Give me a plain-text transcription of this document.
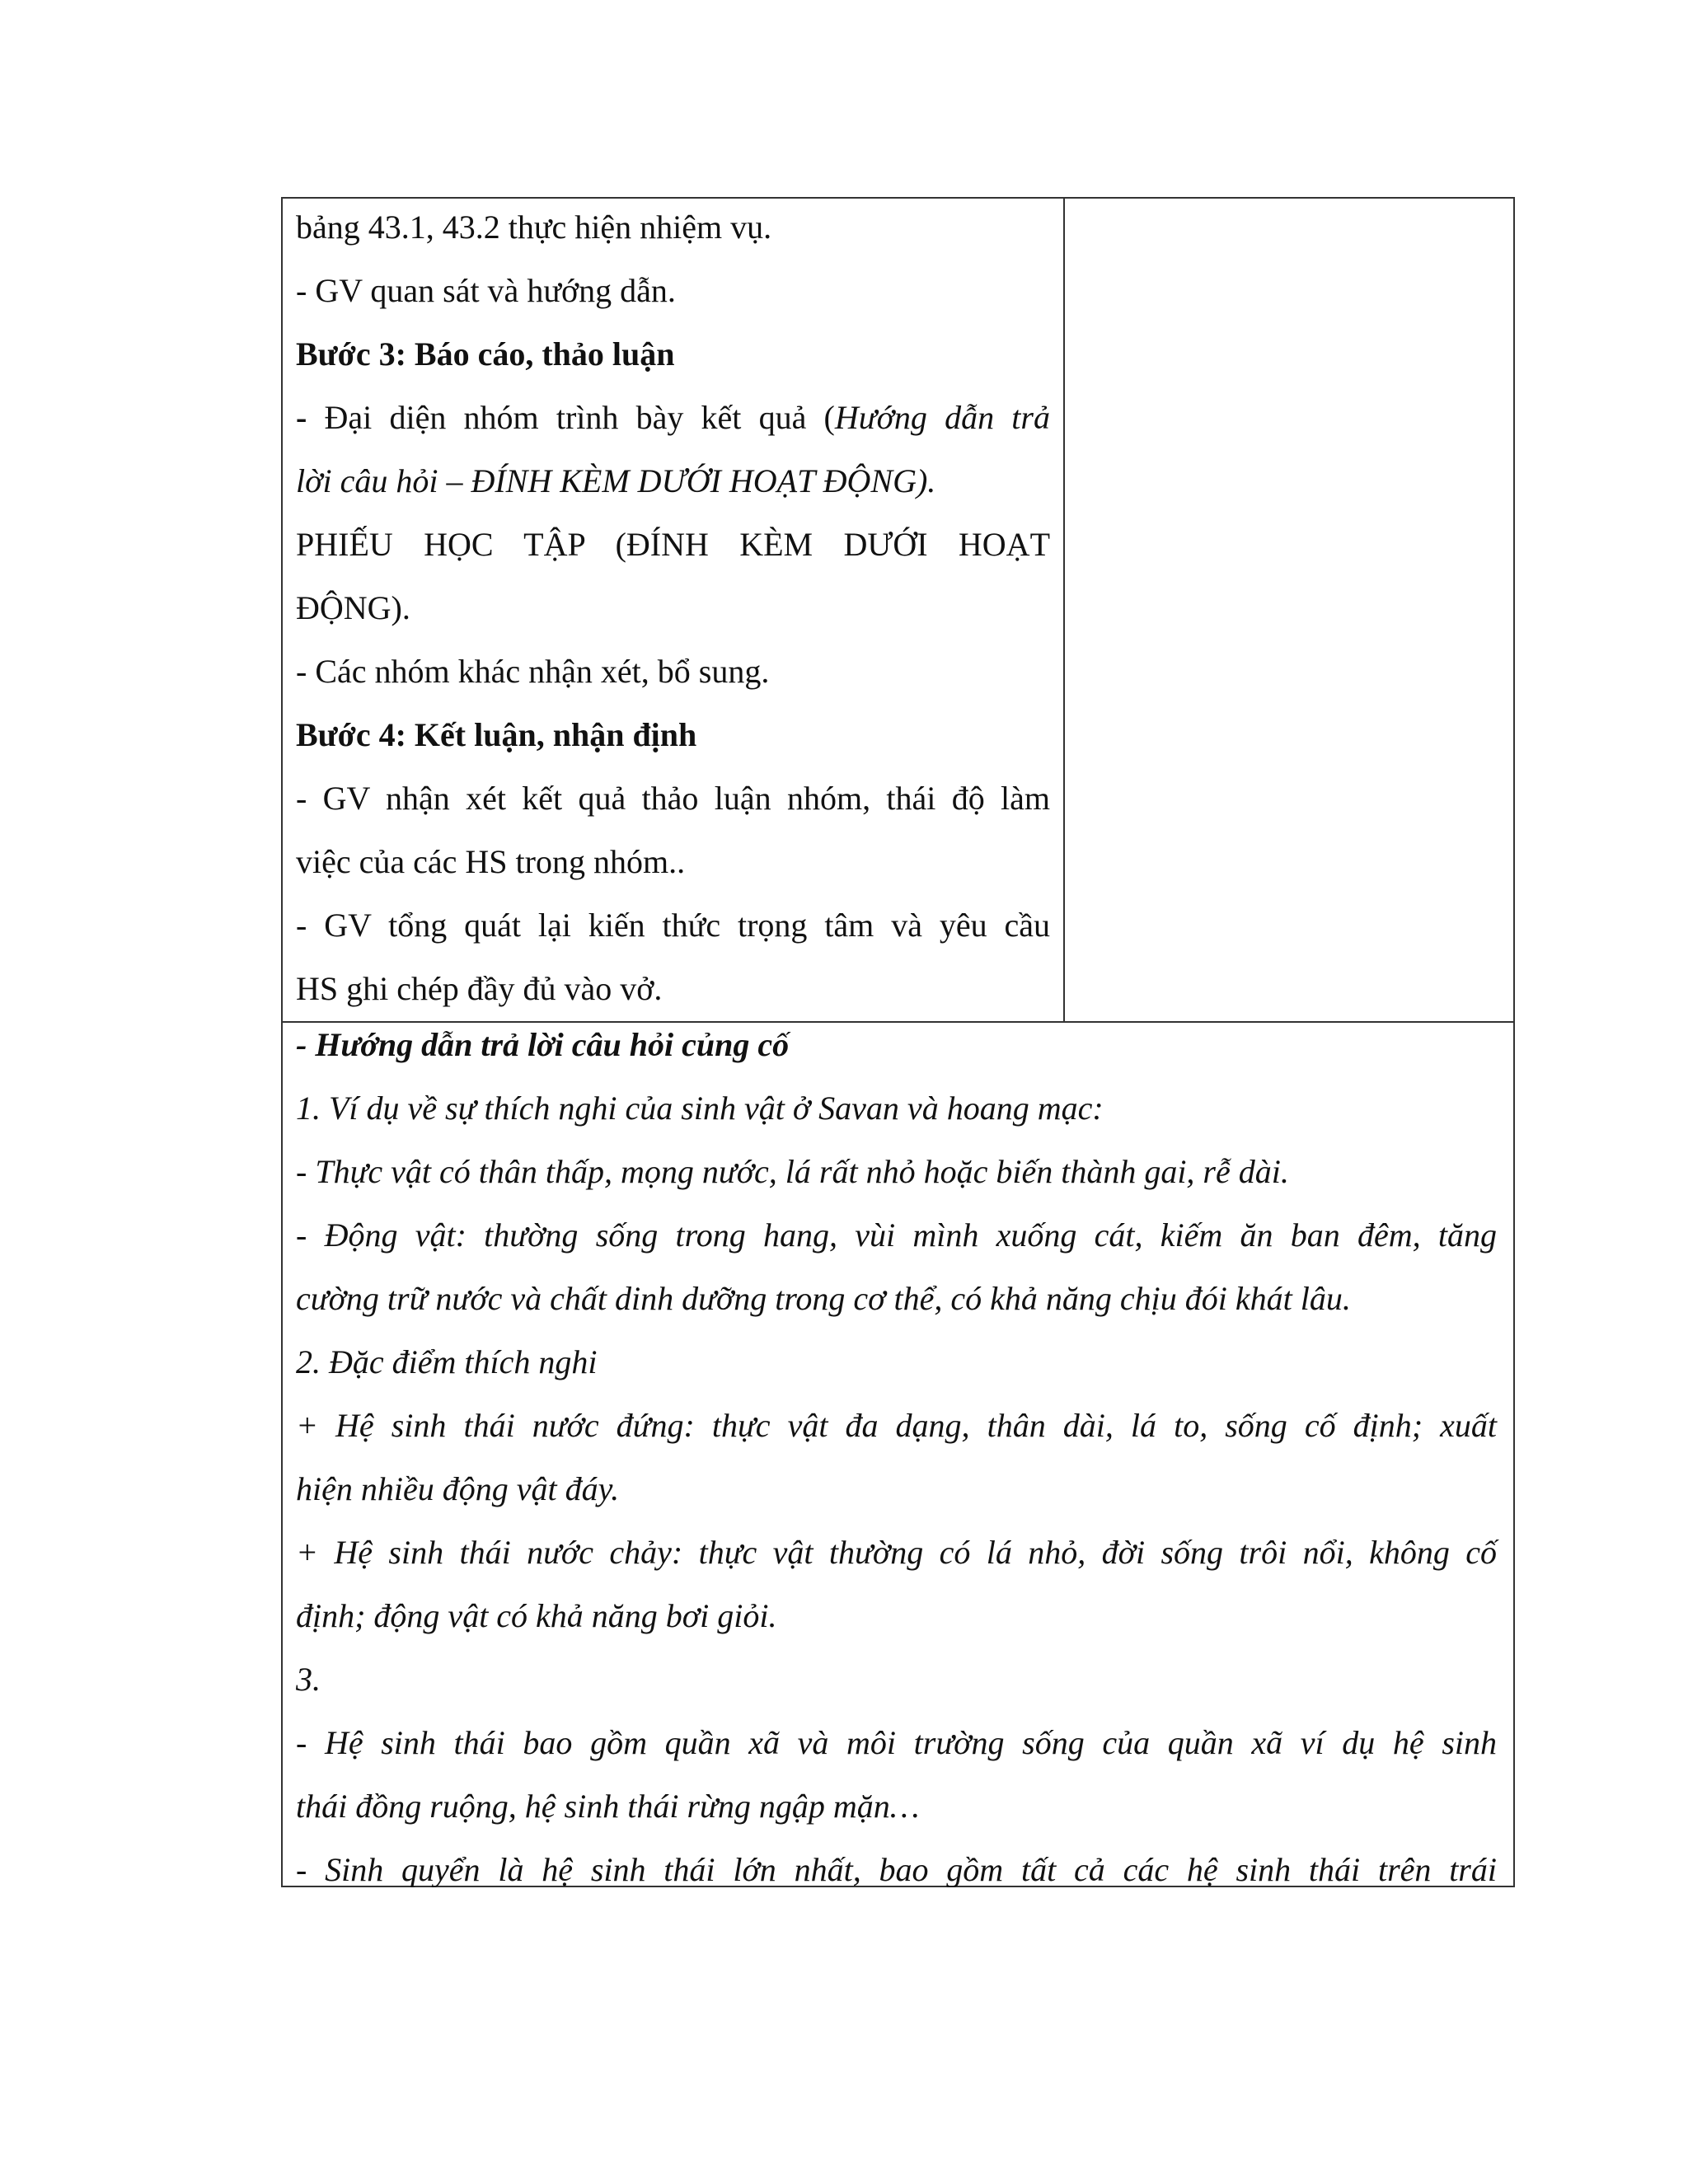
bảng 43.1, 43.2 thực hiện nhiệm vụ.
- GV quan sát và hướng dẫn.
Bước 3: Báo cáo, thảo luận
- Đại diện nhóm trình bày kết quả (Hướng dẫn trả
lời câu hỏi – ĐÍNH KÈM DƯỚI HOẠT ĐỘNG).
PHIẾU HỌC TẬP (ĐÍNH KÈM DƯỚI HOẠT
ĐỘNG).
- Các nhóm khác nhận xét, bổ sung.
Bước 4: Kết luận, nhận định
- GV nhận xét kết quả thảo luận nhóm, thái độ làm
việc của các HS trong nhóm..
- GV tổng quát lại kiến thức trọng tâm và yêu cầu
HS ghi chép đầy đủ vào vở.
- Hướng dẫn trả lời câu hỏi củng cố
1. Ví dụ về sự thích nghi của sinh vật ở Savan và hoang mạc:
- Thực vật có thân thấp, mọng nước, lá rất nhỏ hoặc biến thành gai, rễ dài.
- Động vật: thường sống trong hang, vùi mình xuống cát, kiếm ăn ban đêm, tăng
cường trữ nước và chất dinh dưỡng trong cơ thể, có khả năng chịu đói khát lâu.
2. Đặc điểm thích nghi
+ Hệ sinh thái nước đứng: thực vật đa dạng, thân dài, lá to, sống cố định; xuất
hiện nhiều động vật đáy.
+ Hệ sinh thái nước chảy: thực vật thường có lá nhỏ, đời sống trôi nổi, không cố
định; động vật có khả năng bơi giỏi.
3.
- Hệ sinh thái bao gồm quần xã và môi trường sống của quần xã ví dụ hệ sinh
thái đồng ruộng, hệ sinh thái rừng ngập mặn…
- Sinh quyển là hệ sinh thái lớn nhất, bao gồm tất cả các hệ sinh thái trên trái
